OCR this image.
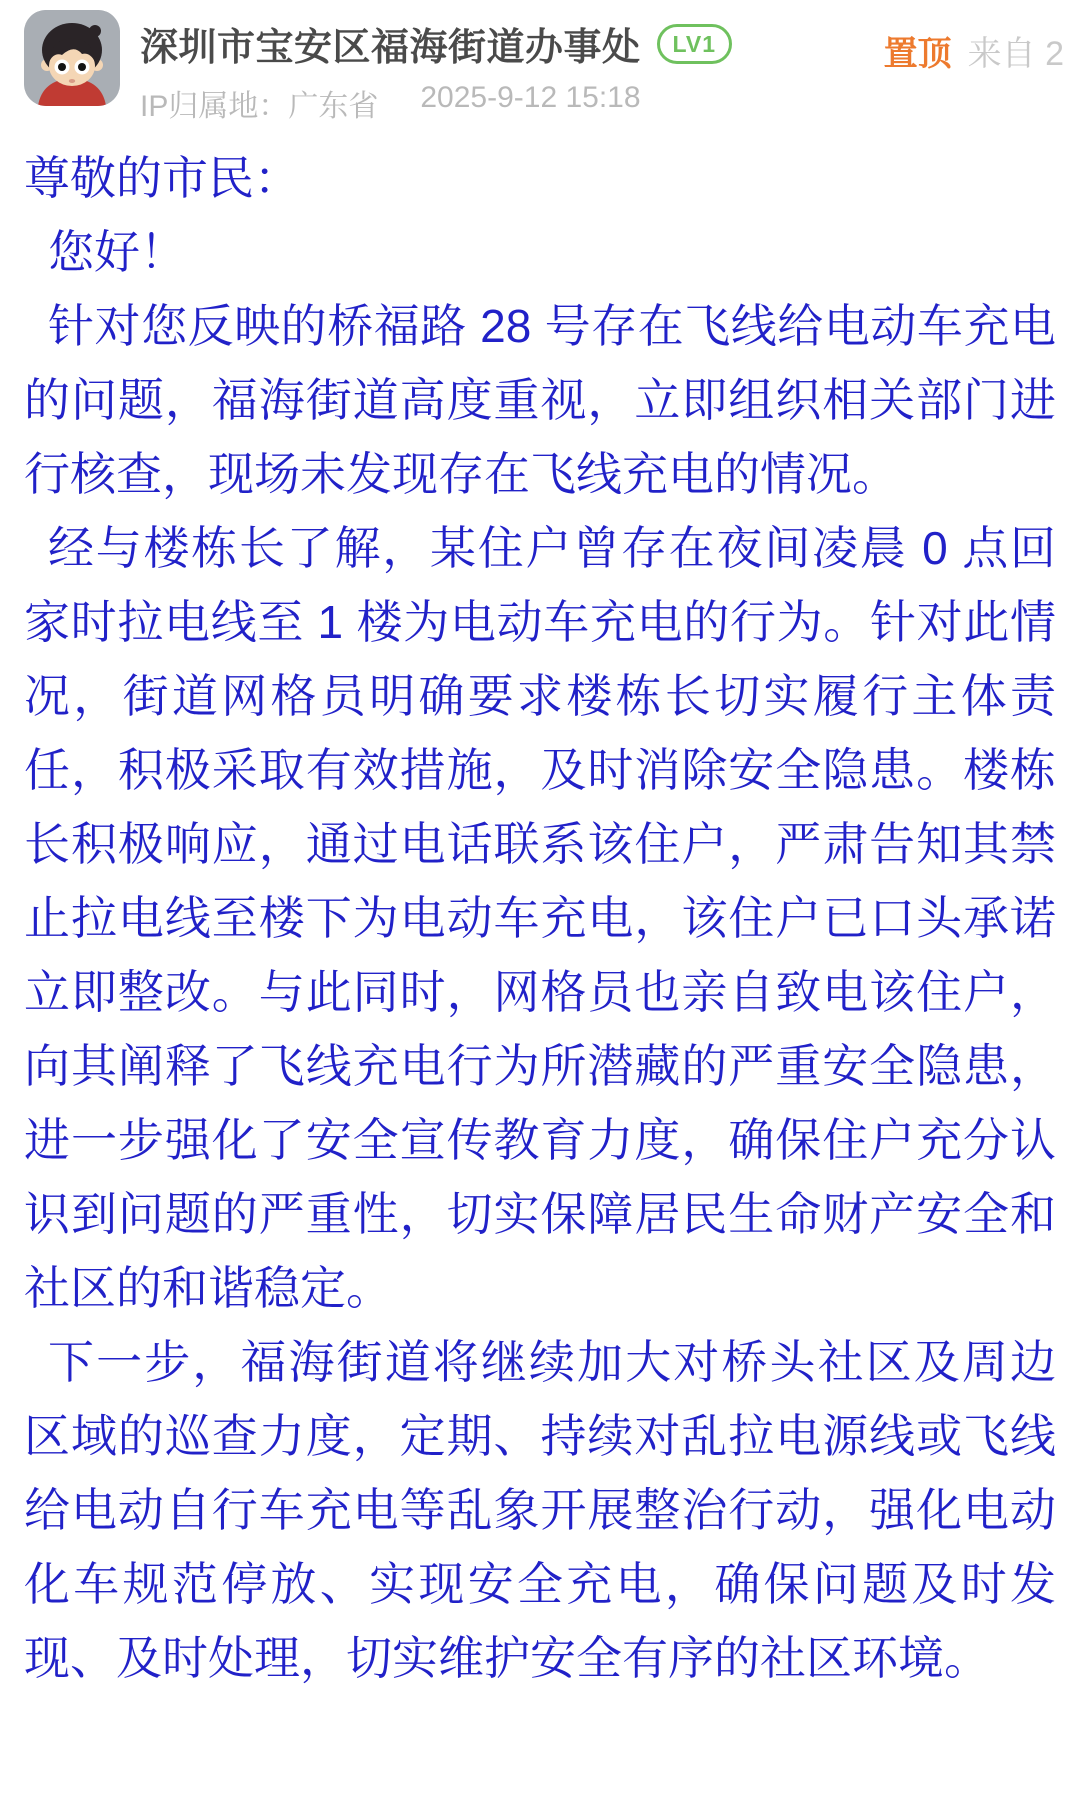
深圳市宝安区福海街道办事处	LV1
IP归属地：广东省 2025-9-12 15:18
置顶 来自 2

尊敬的市民：

您好！

针对您反映的桥福路 28 号存在飞线给电动车充电的问题，福海街道高度重视，立即组织相关部门进行核查，现场未发现存在飞线充电的情况。

经与楼栋长了解，某住户曾存在夜间凌晨 0 点回家时拉电线至 1 楼为电动车充电的行为。针对此情况，街道网格员明确要求楼栋长切实履行主体责任，积极采取有效措施，及时消除安全隐患。楼栋长积极响应，通过电话联系该住户，严肃告知其禁止拉电线至楼下为电动车充电，该住户已口头承诺立即整改。与此同时，网格员也亲自致电该住户，向其阐释了飞线充电行为所潜藏的严重安全隐患，进一步强化了安全宣传教育力度，确保住户充分认识到问题的严重性，切实保障居民生命财产安全和社区的和谐稳定。

下一步，福海街道将继续加大对桥头社区及周边区域的巡查力度，定期、持续对乱拉电源线或飞线给电动自行车充电等乱象开展整治行动，强化电动化车规范停放、实现安全充电，确保问题及时发现、及时处理，切实维护安全有序的社区环境。
